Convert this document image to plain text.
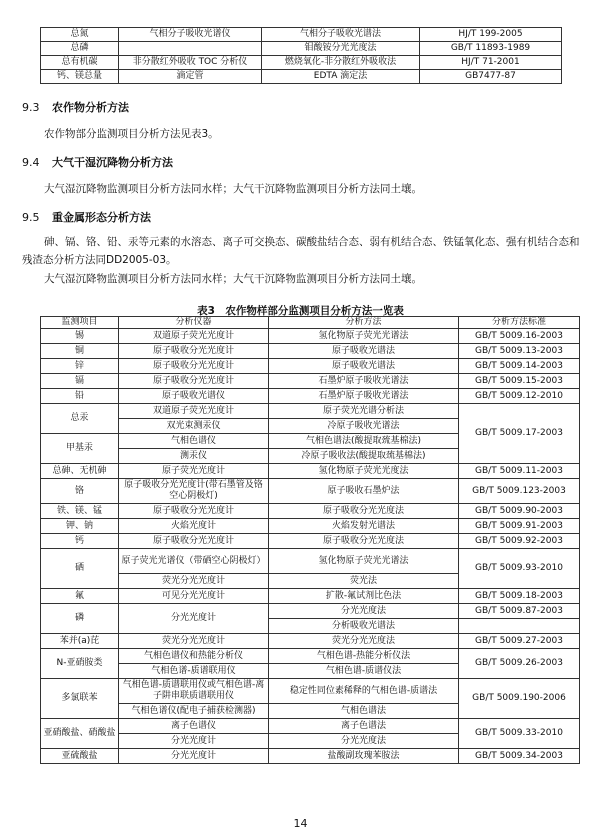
总氮	气相分子吸收光谱仪	气相分子吸收光谱法	HJ/T 199-2005
总磷		钼酸铵分光光度法	GB/T 11893-1989
总有机碳	非分散红外吸收 TOC 分析仪	燃烧氧化-非分散红外吸收法	HJ/T 71-2001
钙、镁总量	滴定管	EDTA 滴定法	GB7477-87
9.3 农作物分析方法
农作物部分监测项目分析方法见表3。
9.4 大气干湿沉降物分析方法
大气湿沉降物监测项目分析方法同水样；大气干沉降物监测项目分析方法同土壤。
9.5 重金属形态分析方法
砷、镉、铬、铅、汞等元素的水溶态、离子可交换态、碳酸盐结合态、弱有机结合态、铁锰氧化态、强有机结合态和残渣态分析方法同DD2005-03。
大气湿沉降物监测项目分析方法同水样；大气干沉降物监测项目分析方法同土壤。
表3　农作物样部分监测项目分析方法一览表
监测项目	分析仪器	分析方法	分析方法标准
锡	双道原子荧光光度计	氢化物原子荧光光谱法	GB/T 5009.16-2003
铜	原子吸收分光光度计	原子吸收光谱法	GB/T 5009.13-2003
锌	原子吸收分光光度计	原子吸收光谱法	GB/T 5009.14-2003
镉	原子吸收分光光度计	石墨炉原子吸收光谱法	GB/T 5009.15-2003
铅	原子吸收光谱仪	石墨炉原子吸收光谱法	GB/T 5009.12-2010
总汞	双道原子荧光光度计	原子荧光光谱分析法	GB/T 5009.17-2003
	双光束测汞仪	冷原子吸收光谱法	
甲基汞	气相色谱仪	气相色谱法(酸提取巯基棉法)	
	测汞仪	冷原子吸收法(酸提取巯基棉法)	
总砷、无机砷	原子荧光光度计	氢化物原子荧光光度法	GB/T 5009.11-2003
铬	原子吸收分光光度计(带石墨管及铬空心阴极灯)	原子吸收石墨炉法	GB/T 5009.123-2003
铁、镁、锰	原子吸收分光光度计	原子吸收分光光度法	GB/T 5009.90-2003
钾、钠	火焰光度计	火焰发射光谱法	GB/T 5009.91-2003
钙	原子吸收分光光度计	原子吸收分光光度法	GB/T 5009.92-2003
硒	原子荧光光谱仪（带硒空心阴极灯）	氢化物原子荧光光谱法	GB/T 5009.93-2010
	荧光分光光度计	荧光法	
氟	可见分光光度计	扩散-氟试剂比色法	GB/T 5009.18-2003
磷	分光光度计	分光光度法	GB/T 5009.87-2003
		分析吸收光谱法	
苯并(a)芘	荧光分光光度计	荧光分光光度法	GB/T 5009.27-2003
N-亚硝胺类	气相色谱仪和热能分析仪	气相色谱-热能分析仪法	GB/T 5009.26-2003
	气相色谱-质谱联用仪	气相色谱-质谱仪法	
多氯联苯	气相色谱-质谱联用仪或气相色谱-离子阱串联质谱联用仪	稳定性同位素稀释的气相色谱-质谱法	GB/T 5009.190-2006
	气相色谱仪(配电子捕获检测器)	气相色谱法	
亚硝酸盐、硝酸盐	离子色谱仪	离子色谱法	GB/T 5009.33-2010
	分光光度计	分光光度法	
亚硫酸盐	分光光度计	盐酸副玫瑰苯胺法	GB/T 5009.34-2003
14
